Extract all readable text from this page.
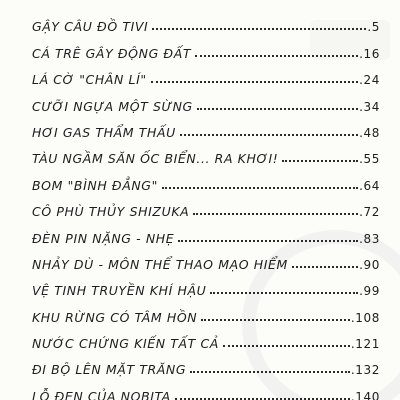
GẬY CÂU ĐỒ TIVI	.5
CÁ TRÊ GÂY ĐỘNG ĐẤT	.16
LÁ CỜ "CHÂN LÍ"	.24
CƯỠI NGỰA MỘT SỪNG	.34
HƠI GAS THẨM THẤU	.48
TÀU NGẦM SĂN ỐC BIỂN... RA KHƠI!	.55
BOM "BÌNH ĐẲNG"	.64
CÔ PHÙ THỦY SHIZUKA	.72
ĐÈN PIN NẶNG - NHẸ	.83
NHẢY DÙ - MÔN THỂ THAO MẠO HIỂM	.90
VỆ TINH TRUYỀN KHÍ HẬU	.99
KHU RỪNG CÓ TÂM HỒN	.108
NƯỚC CHỨNG KIẾN TẤT CẢ	.121
ĐI BỘ LÊN MẶT TRĂNG	.132
LỖ ĐEN CỦA NOBITA	.140
